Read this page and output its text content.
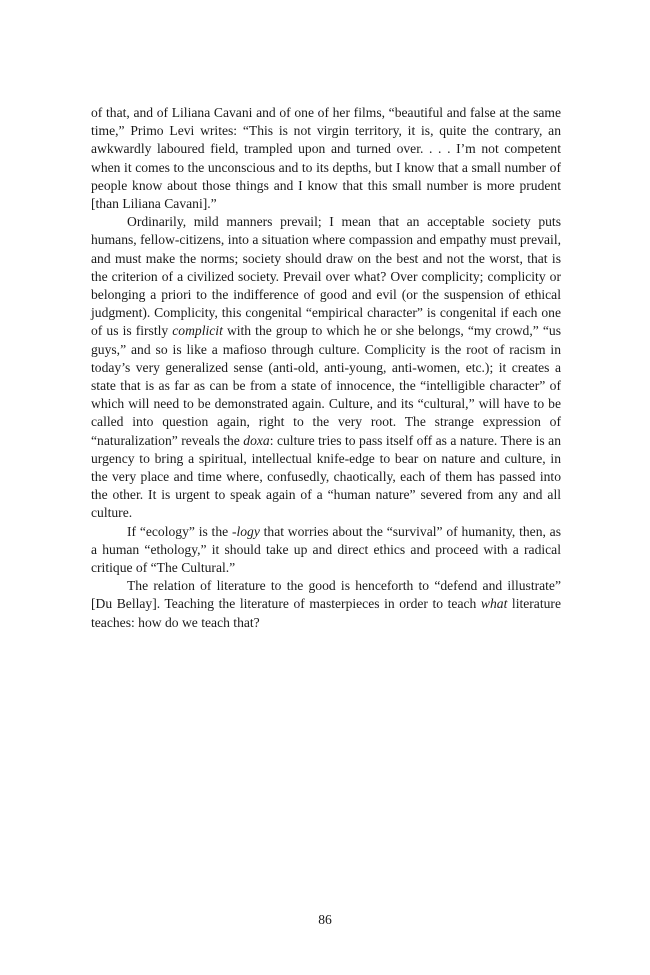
of that, and of Liliana Cavani and of one of her films, “beautiful and false at the same time,” Primo Levi writes: “This is not virgin territory, it is, quite the contrary, an awkwardly laboured field, trampled upon and turned over. . . . I’m not competent when it comes to the unconscious and to its depths, but I know that a small number of people know about those things and I know that this small number is more prudent [than Liliana Cavani].”

Ordinarily, mild manners prevail; I mean that an acceptable society puts humans, fellow-citizens, into a situation where compassion and empathy must prevail, and must make the norms; society should draw on the best and not the worst, that is the criterion of a civilized society. Prevail over what? Over complicity; complicity or belonging a priori to the indifference of good and evil (or the suspension of ethical judgment). Complicity, this congenital “empirical character” is congenital if each one of us is firstly complicit with the group to which he or she belongs, “my crowd,” “us guys,” and so is like a mafioso through culture. Complicity is the root of racism in today’s very generalized sense (anti-old, anti-young, anti-women, etc.); it creates a state that is as far as can be from a state of innocence, the “intelligible character” of which will need to be demonstrated again. Culture, and its “cultural,” will have to be called into question again, right to the very root. The strange expression of “naturalization” reveals the doxa: culture tries to pass itself off as a nature. There is an urgency to bring a spiritual, intellectual knife-edge to bear on nature and culture, in the very place and time where, confusedly, chaotically, each of them has passed into the other. It is urgent to speak again of a “human nature” severed from any and all culture.

If “ecology” is the -logy that worries about the “survival” of humanity, then, as a human “ethology,” it should take up and direct ethics and proceed with a radical critique of “The Cultural.”

The relation of literature to the good is henceforth to “defend and illustrate” [Du Bellay]. Teaching the literature of masterpieces in order to teach what literature teaches: how do we teach that?

86
